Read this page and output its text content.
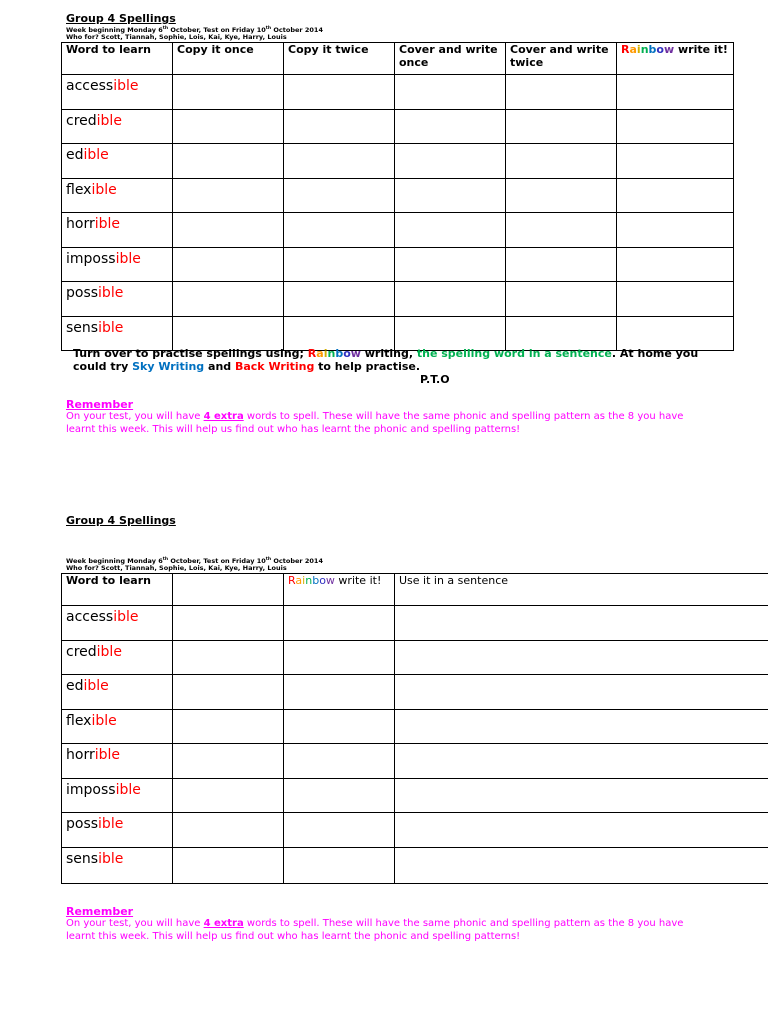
Group 4 Spellings
Week beginning Monday 6th October, Test on Friday 10th October 2014
Who for? Scott, Tiannah, Sophie, Lois, Kai, Kye, Harry, Louis
Word to learn	Copy it once	Copy it twice	Cover and write once	Cover and write twice	Rainbow write it!

accessible					

credible					

edible					

flexible					

horrible					

impossible					

possible					

sensible					

Turn over to practise spellings using; Rainbow writing, the spelling word in a sentence. At home you could try Sky Writing and Back Writing to help practise.
P.T.O
Remember
On your test, you will have 4 extra words to spell. These will have the same phonic and spelling pattern as the 8 you have learnt this week. This will help us find out who has learnt the phonic and spelling patterns!
Group 4 Spellings
Week beginning Monday 6th October, Test on Friday 10th October 2014
Who for? Scott, Tiannah, Sophie, Lois, Kai, Kye, Harry, Louis
Word to learn		Rainbow write it!	Use it in a sentence

accessible			

credible			

edible			

flexible			

horrible			

impossible			

possible			

sensible			

Remember
On your test, you will have 4 extra words to spell. These will have the same phonic and spelling pattern as the 8 you have learnt this week. This will help us find out who has learnt the phonic and spelling patterns!
